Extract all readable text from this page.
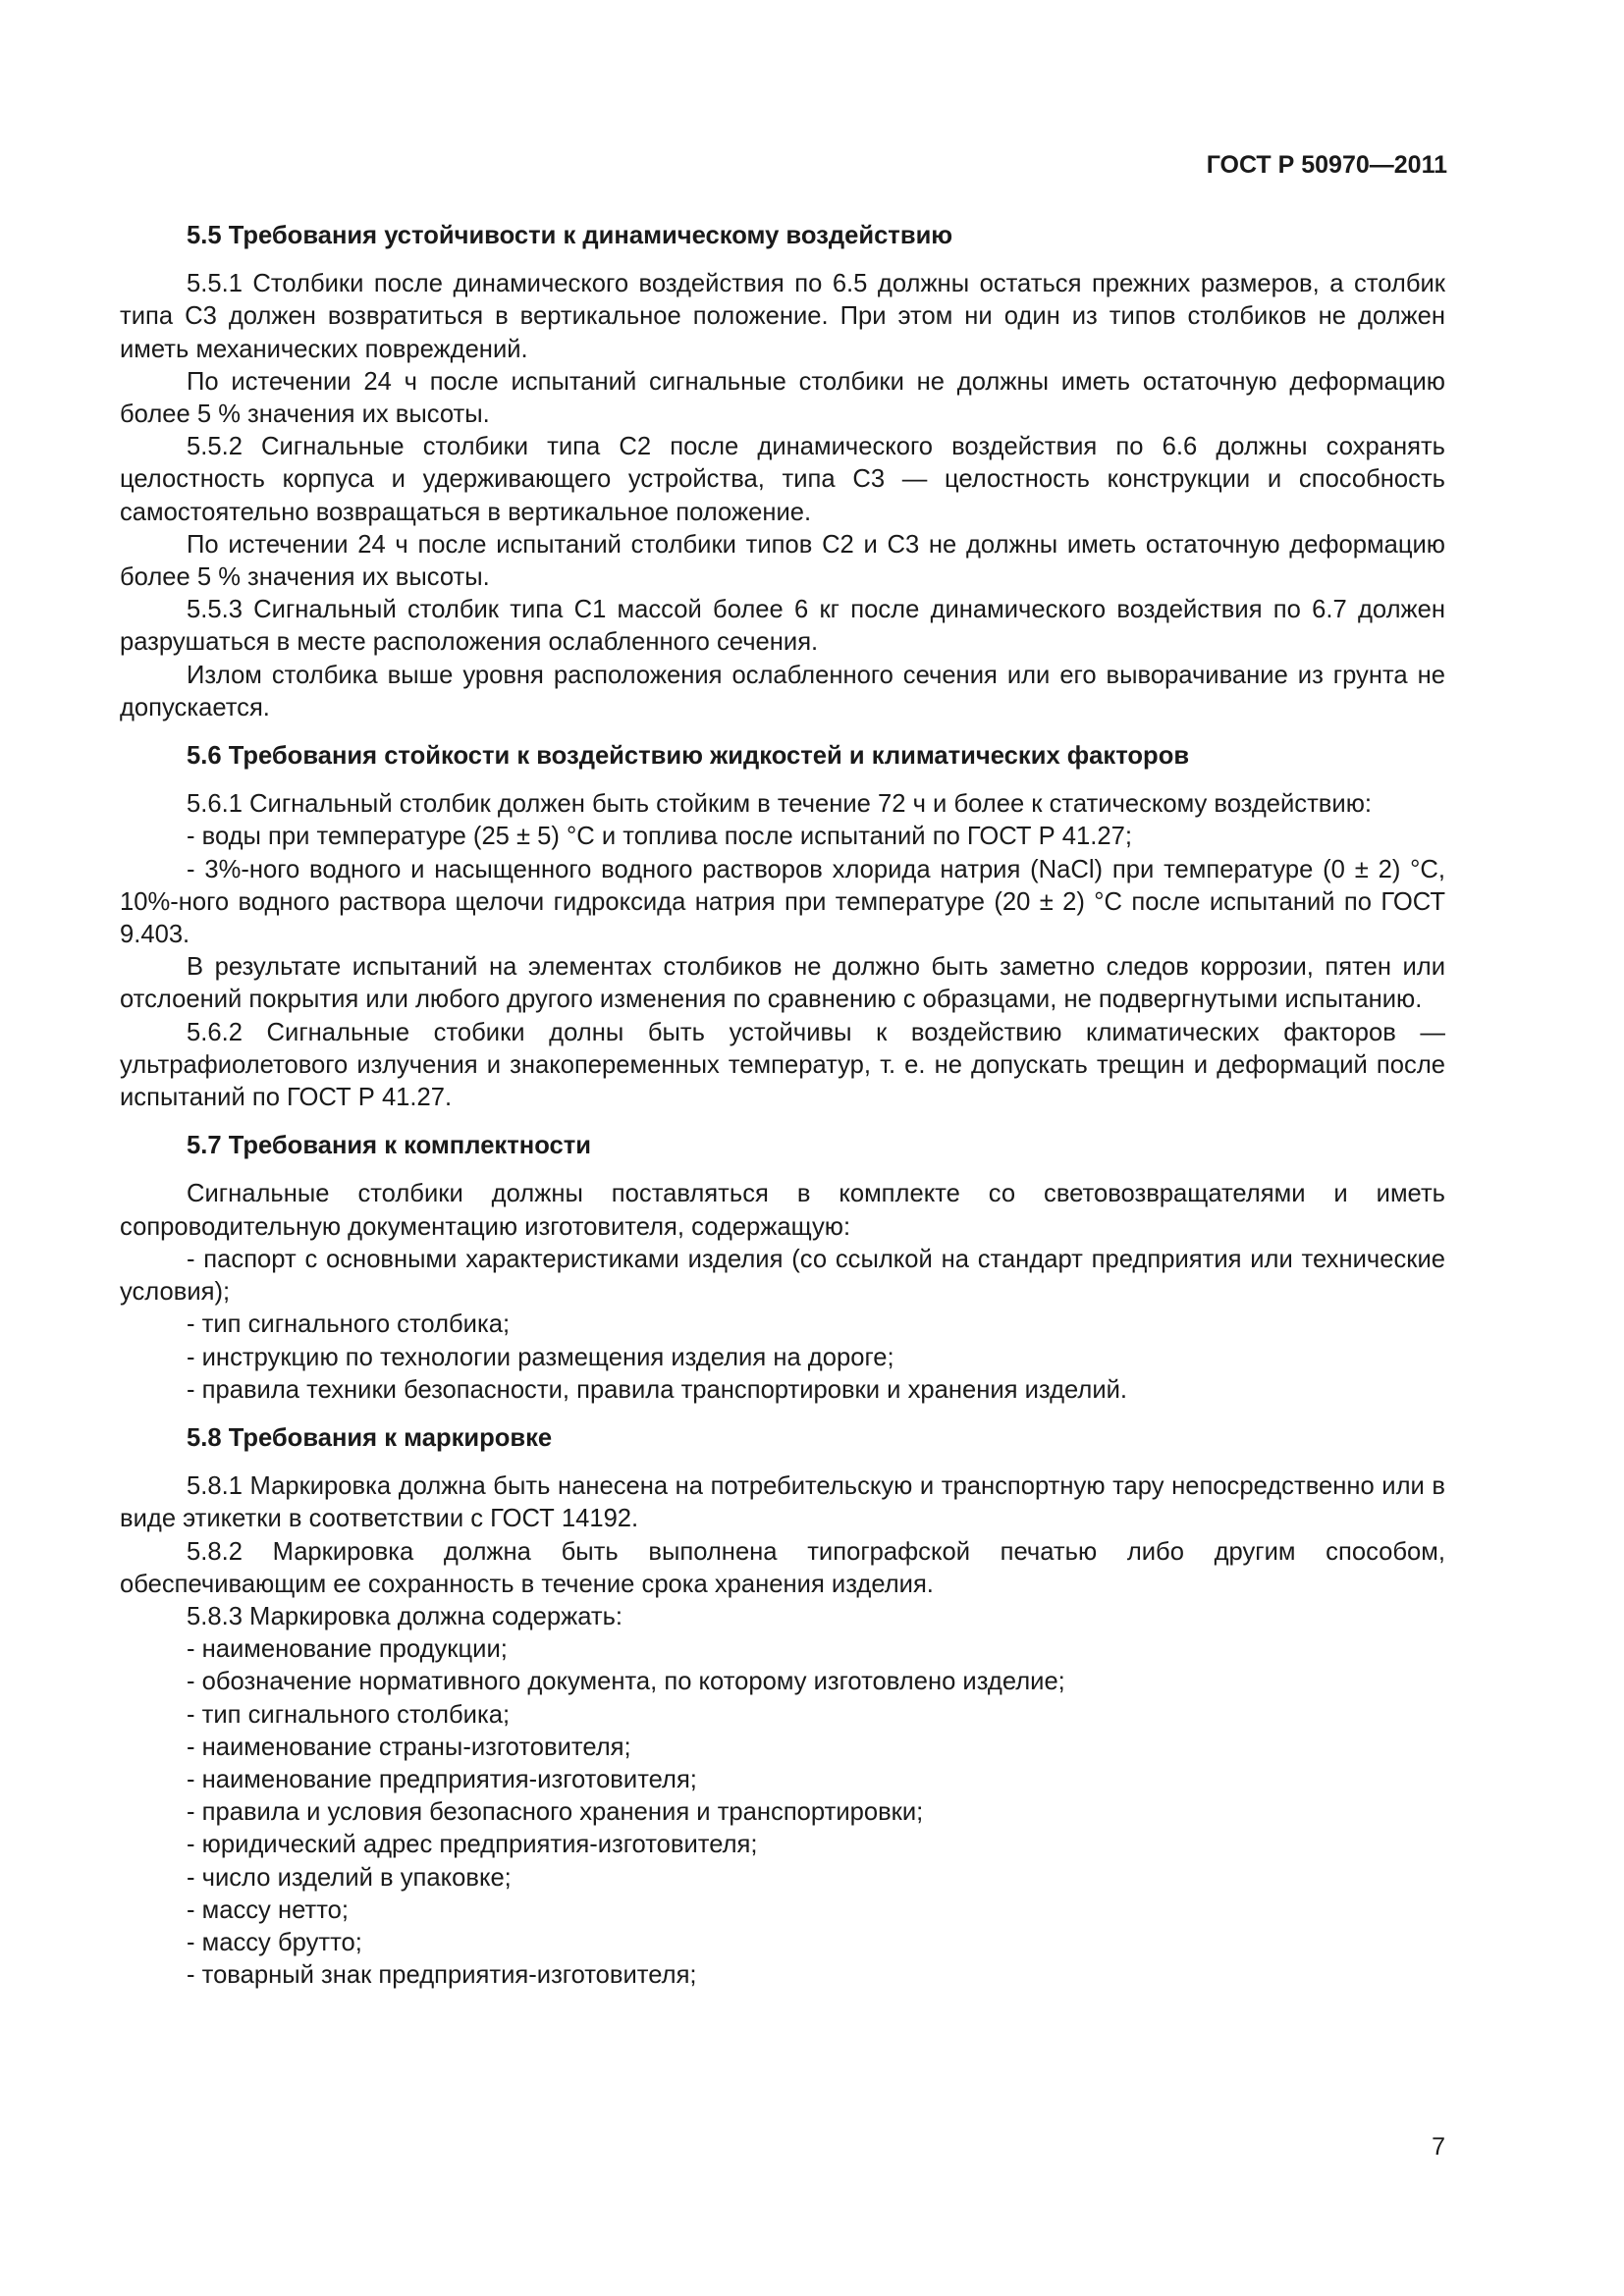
ГОСТ Р 50970—2011
5.5 Требования устойчивости к динамическому воздействию

5.5.1 Столбики после динамического воздействия по 6.5 должны остаться прежних размеров, а столбик типа С3 должен возвратиться в вертикальное положение. При этом ни один из типов столбиков не должен иметь механических повреждений.

По истечении 24 ч после испытаний сигнальные столбики не должны иметь остаточную деформацию более 5 % значения их высоты.

5.5.2 Сигнальные столбики типа С2 после динамического воздействия по 6.6 должны сохранять целостность корпуса и удерживающего устройства, типа С3 — целостность конструкции и способность самостоятельно возвращаться в вертикальное положение.

По истечении 24 ч после испытаний столбики типов С2 и С3 не должны иметь остаточную деформацию более 5 % значения их высоты.

5.5.3 Сигнальный столбик типа С1 массой более 6 кг после динамического воздействия по 6.7 должен разрушаться в месте расположения ослабленного сечения.

Излом столбика выше уровня расположения ослабленного сечения или его выворачивание из грунта не допускается.

5.6 Требования стойкости к воздействию жидкостей и климатических факторов

5.6.1 Сигнальный столбик должен быть стойким в течение 72 ч и более к статическому воздействию:

- воды при температуре (25 ± 5) °С и топлива после испытаний по ГОСТ Р 41.27;

- 3%-ного водного и насыщенного водного растворов хлорида натрия (NaCl) при температуре (0 ± 2) °С, 10%-ного водного раствора щелочи гидроксида натрия при температуре (20 ± 2) °С после испытаний по ГОСТ 9.403.

В результате испытаний на элементах столбиков не должно быть заметно следов коррозии, пятен или отслоений покрытия или любого другого изменения по сравнению с образцами, не подвергнутыми испытанию.

5.6.2 Сигнальные стобики долны быть устойчивы к воздействию климатических факторов — ультрафиолетового излучения и знакопеременных температур, т. е. не допускать трещин и деформаций после испытаний по ГОСТ Р 41.27.

5.7 Требования к комплектности

Сигнальные столбики должны поставляться в комплекте со световозвращателями и иметь сопроводительную документацию изготовителя, содержащую:

- паспорт с основными характеристиками изделия (со ссылкой на стандарт предприятия или технические условия);

- тип сигнального столбика;

- инструкцию по технологии размещения изделия на дороге;

- правила техники безопасности, правила транспортировки и хранения изделий.

5.8 Требования к маркировке

5.8.1 Маркировка должна быть нанесена на потребительскую и транспортную тару непосредственно или в виде этикетки в соответствии с ГОСТ 14192.

5.8.2 Маркировка должна быть выполнена типографской печатью либо другим способом, обеспечивающим ее сохранность в течение срока хранения изделия.

5.8.3 Маркировка должна содержать:

- наименование продукции;

- обозначение нормативного документа, по которому изготовлено изделие;

- тип сигнального столбика;

- наименование страны-изготовителя;

- наименование предприятия-изготовителя;

- правила и условия безопасного хранения и транспортировки;

- юридический адрес предприятия-изготовителя;

- число изделий в упаковке;

- массу нетто;

- массу брутто;

- товарный знак предприятия-изготовителя;

7
